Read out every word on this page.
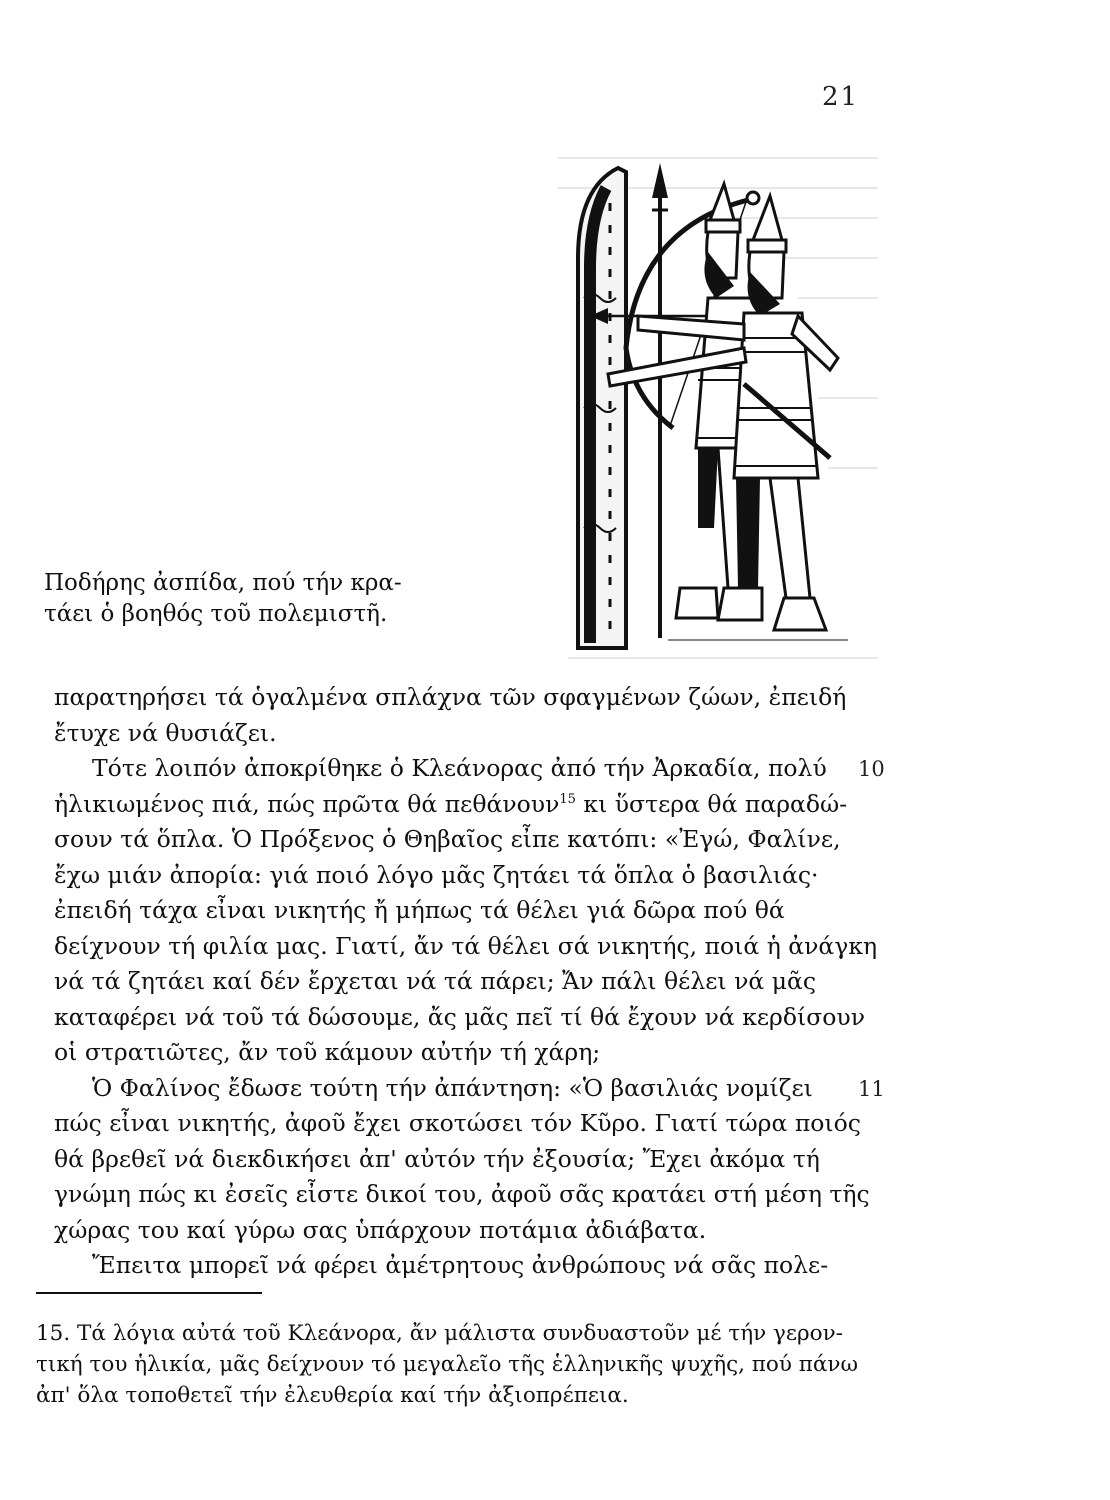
21
Ποδήρης ἀσπίδα, πού τήν κρα-
τάει ὁ βοηθός τοῦ πολεμιστῆ.
παρατηρήσει τά ὁγαλμένα σπλάχνα τῶν σφαγμένων ζώων, ἐπειδή
ἔτυχε νά θυσιάζει.
Τότε λοιπόν ἀποκρίθηκε ὁ Κλεάνορας ἀπό τήν Ἀρκαδία, πολύ
ἡλικιωμένος πιά, πώς πρῶτα θά πεθάνουν$^{15}$ κι ὕστερα θά παραδώ-
σουν τά ὅπλα. Ὁ Πρόξενος ὁ Θηβαῖος εἶπε κατόπι: «Ἐγώ, Φαλίνε,
ἔχω μιάν ἀπορία: γιά ποιό λόγο μᾶς ζητάει τά ὅπλα ὁ βασιλιάς·
ἐπειδή τάχα εἶναι νικητής ἤ μήπως τά θέλει γιά δῶρα πού θά
δείχνουν τή φιλία μας. Γιατί, ἄν τά θέλει σά νικητής, ποιά ἡ ἀνάγκη
νά τά ζητάει καί δέν ἔρχεται νά τά πάρει; Ἄν πάλι θέλει νά μᾶς
καταφέρει νά τοῦ τά δώσουμε, ἄς μᾶς πεῖ τί θά ἔχουν νά κερδίσουν
οἱ στρατιῶτες, ἄν τοῦ κάμουν αὐτήν τή χάρη;
Ὁ Φαλίνος ἔδωσε τούτη τήν ἀπάντηση: «Ὁ βασιλιάς νομίζει
πώς εἶναι νικητής, ἀφοῦ ἔχει σκοτώσει τόν Κῦρο. Γιατί τώρα ποιός
θά βρεθεῖ νά διεκδικήσει ἀπ' αὐτόν τήν ἐξουσία; Ἔχει ἀκόμα τή
γνώμη πώς κι ἐσεῖς εἶστε δικοί του, ἀφοῦ σᾶς κρατάει στή μέση τῆς
χώρας του καί γύρω σας ὑπάρχουν ποτάμια ἀδιάβατα.
Ἔπειτα μπορεῖ νά φέρει ἀμέτρητους ἀνθρώπους νά σᾶς πολε-
15. Τά λόγια αὐτά τοῦ Κλεάνορα, ἄν μάλιστα συνδυαστοῦν μέ τήν γερον-
τική του ἡλικία, μᾶς δείχνουν τό μεγαλεῖο τῆς ἑλληνικῆς ψυχῆς, πού πάνω
ἀπ' ὅλα τοποθετεῖ τήν ἐλευθερία καί τήν ἀξιοπρέπεια.
10
11
